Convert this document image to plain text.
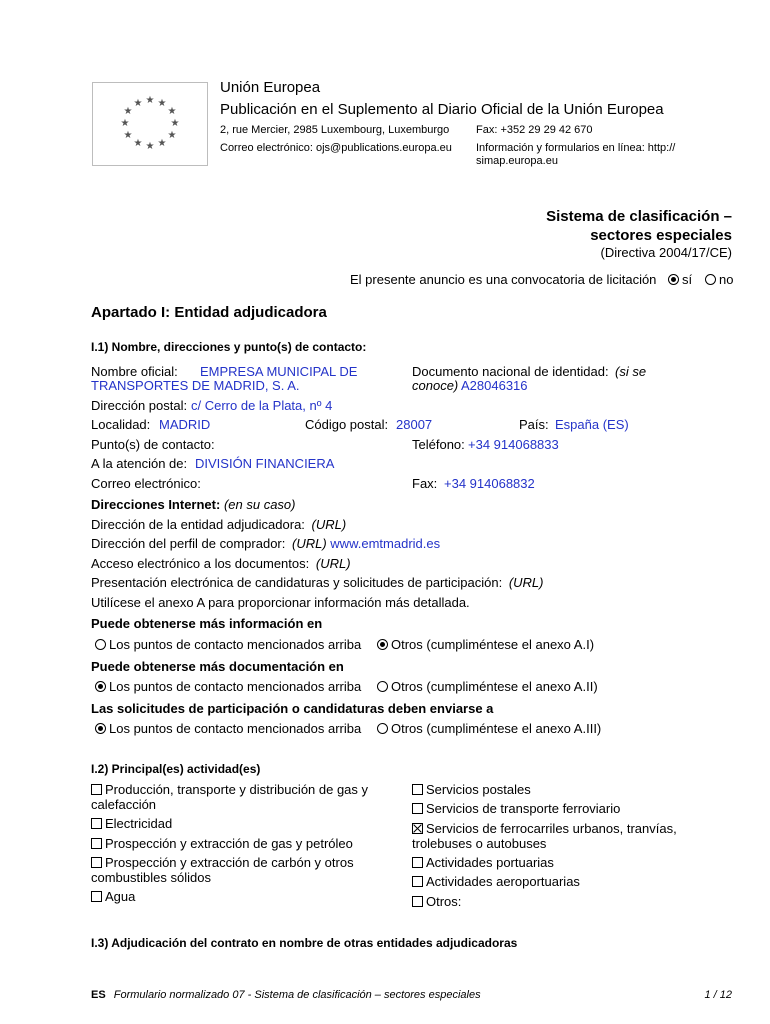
★ ★
★
★
★
★
★
★
★
★
★
★
Unión Europea
Publicación en el Suplemento al Diario Oficial de la Unión Europea
2, rue Mercier, 2985 Luxembourg, Luxemburgo Fax: +352 29 29 42 670
Correo electrónico: ojs@publications.europa.eu Información y formularios en línea: http://
simap.europa.eu
Sistema de clasificación –
sectores especiales
(Directiva 2004/17/CE)
El presente anuncio es una convocatoria de licitación	sí	no
Apartado I: Entidad adjudicadora
I.1) Nombre, direcciones y punto(s) de contacto:
Nombre oficial: EMPRESA MUNICIPAL DE
TRANSPORTES DE MADRID, S. A.
Documento nacional de identidad: (si se
conoce) A28046316
Dirección postal: c/ Cerro de la Plata, nº 4
Localidad: MADRID	Código postal: 28007	País: España (ES)
Punto(s) de contacto:	Teléfono: +34 914068833
A la atención de: DIVISIÓN FINANCIERA
Correo electrónico:	Fax: +34 914068832
Direcciones Internet: (en su caso)
Dirección de la entidad adjudicadora: (URL)
Dirección del perfil de comprador: (URL) www.emtmadrid.es
Acceso electrónico a los documentos: (URL)
Presentación electrónica de candidaturas y solicitudes de participación: (URL)
Utilícese el anexo A para proporcionar información más detallada.
Puede obtenerse más información en
Los puntos de contacto mencionados arriba	Otros (cumpliméntese el anexo A.I)
Puede obtenerse más documentación en
Los puntos de contacto mencionados arriba	Otros (cumpliméntese el anexo A.II)
Las solicitudes de participación o candidaturas deben enviarse a
Los puntos de contacto mencionados arriba	Otros (cumpliméntese el anexo A.III)
I.2) Principal(es) actividad(es)
Producción, transporte y distribución de gas y
calefacción
Electricidad
Prospección y extracción de gas y petróleo
Prospección y extracción de carbón y otros
combustibles sólidos
Agua
Servicios postales
Servicios de transporte ferroviario
Servicios de ferrocarriles urbanos, tranvías,
trolebuses o autobuses
Actividades portuarias
Actividades aeroportuarias
Otros:
I.3) Adjudicación del contrato en nombre de otras entidades adjudicadoras
ES Formulario normalizado 07 - Sistema de clasificación – sectores especiales	1 / 12
